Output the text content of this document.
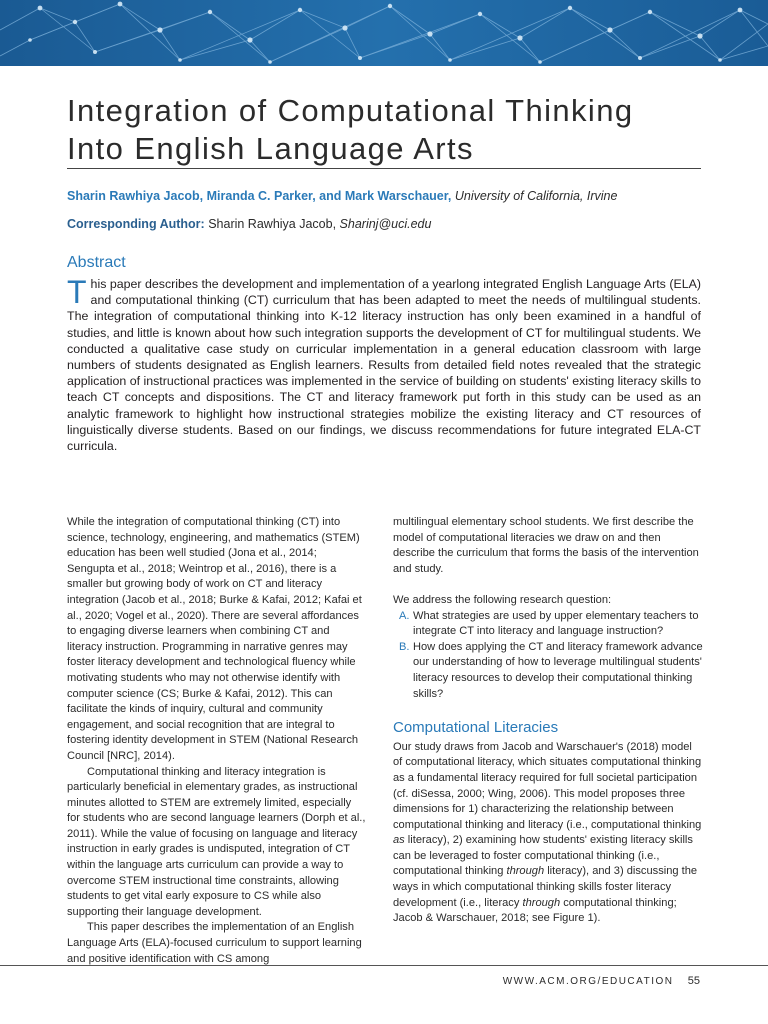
Integration of Computational Thinking
Into English Language Arts
Sharin Rawhiya Jacob, Miranda C. Parker, and Mark Warschauer, University of California, Irvine
Corresponding Author: Sharin Rawhiya Jacob, Sharinj@uci.edu
Abstract
T his paper describes the development and implementation of a yearlong integrated English Language Arts (ELA) and computational thinking (CT) curriculum that has been adapted to meet the needs of multilingual students. The integration of computational thinking into K-12 literacy instruction has only been examined in a handful of studies, and little is known about how such integration supports the development of CT for multilingual students. We conducted a qualitative case study on curricular implementation in a general education classroom with large numbers of students designated as English learners. Results from detailed field notes revealed that the strategic application of instructional practices was implemented in the service of building on students' existing literacy skills to teach CT concepts and dispositions. The CT and literacy framework put forth in this study can be used as an analytic framework to highlight how instructional strategies mobilize the existing literacy and CT resources of linguistically diverse students. Based on our findings, we discuss recommendations for future integrated ELA-CT curricula.

While the integration of computational thinking (CT) into science, technology, engineering, and mathematics (STEM) education has been well studied (Jona et al., 2014; Sengupta et al., 2018; Weintrop et al., 2016), there is a smaller but growing body of work on CT and literacy integration (Jacob et al., 2018; Burke & Kafai, 2012; Kafai et al., 2020; Vogel et al., 2020). There are several affordances to engaging diverse learners when combining CT and literacy instruction. Programming in narrative genres may foster literacy development and technological fluency while motivating students who may not otherwise identify with computer science (CS; Burke & Kafai, 2012). This can facilitate the kinds of inquiry, cultural and community engagement, and social recognition that are integral to fostering identity development in STEM (National Research Council [NRC], 2014).

Computational thinking and literacy integration is particularly beneficial in elementary grades, as instructional minutes allotted to STEM are extremely limited, especially for students who are second language learners (Dorph et al., 2011). While the value of focusing on language and literacy instruction in early grades is undisputed, integration of CT within the language arts curriculum can provide a way to overcome STEM instructional time constraints, allowing students to get vital early exposure to CS while also supporting their language development.

This paper describes the implementation of an English Language Arts (ELA)-focused curriculum to support learning and positive identification with CS among

multilingual elementary school students. We first describe the model of computational literacies we draw on and then describe the curriculum that forms the basis of the intervention and study.

We address the following research question:

A. What strategies are used by upper elementary teachers to integrate CT into literacy and language instruction?
B. How does applying the CT and literacy framework advance our understanding of how to leverage multilingual students' literacy resources to develop their computational thinking skills?
Computational Literacies

Our study draws from Jacob and Warschauer's (2018) model of computational literacy, which situates computational thinking as a fundamental literacy required for full societal participation (cf. diSessa, 2000; Wing, 2006). This model proposes three dimensions for 1) characterizing the relationship between computational thinking and literacy (i.e., computational thinking as literacy), 2) examining how students' existing literacy skills can be leveraged to foster computational thinking (i.e., computational thinking through literacy), and 3) discussing the ways in which computational thinking skills foster literacy development (i.e., literacy through computational thinking; Jacob & Warschauer, 2018; see Figure 1).

WWW.ACM.ORG/EDUCATION 55
